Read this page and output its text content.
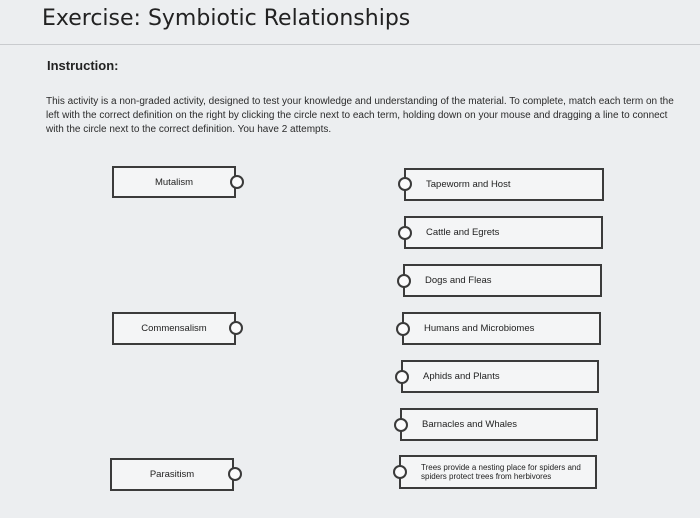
Exercise: Symbiotic Relationships
Instruction:

This activity is a non-graded activity, designed to test your knowledge and understanding of the material. To complete, match each term on the left with the correct definition on the right by clicking the circle next to each term, holding down on your mouse and dragging a line to connect with the circle next to the correct definition. You have 2 attempts.

Mutalism
Commensalism
Parasitism
Tapeworm and Host
Cattle and Egrets
Dogs and Fleas
Humans and Microbiomes
Aphids and Plants
Barnacles and Whales
Trees provide a nesting place for spiders and spiders protect trees from herbivores
